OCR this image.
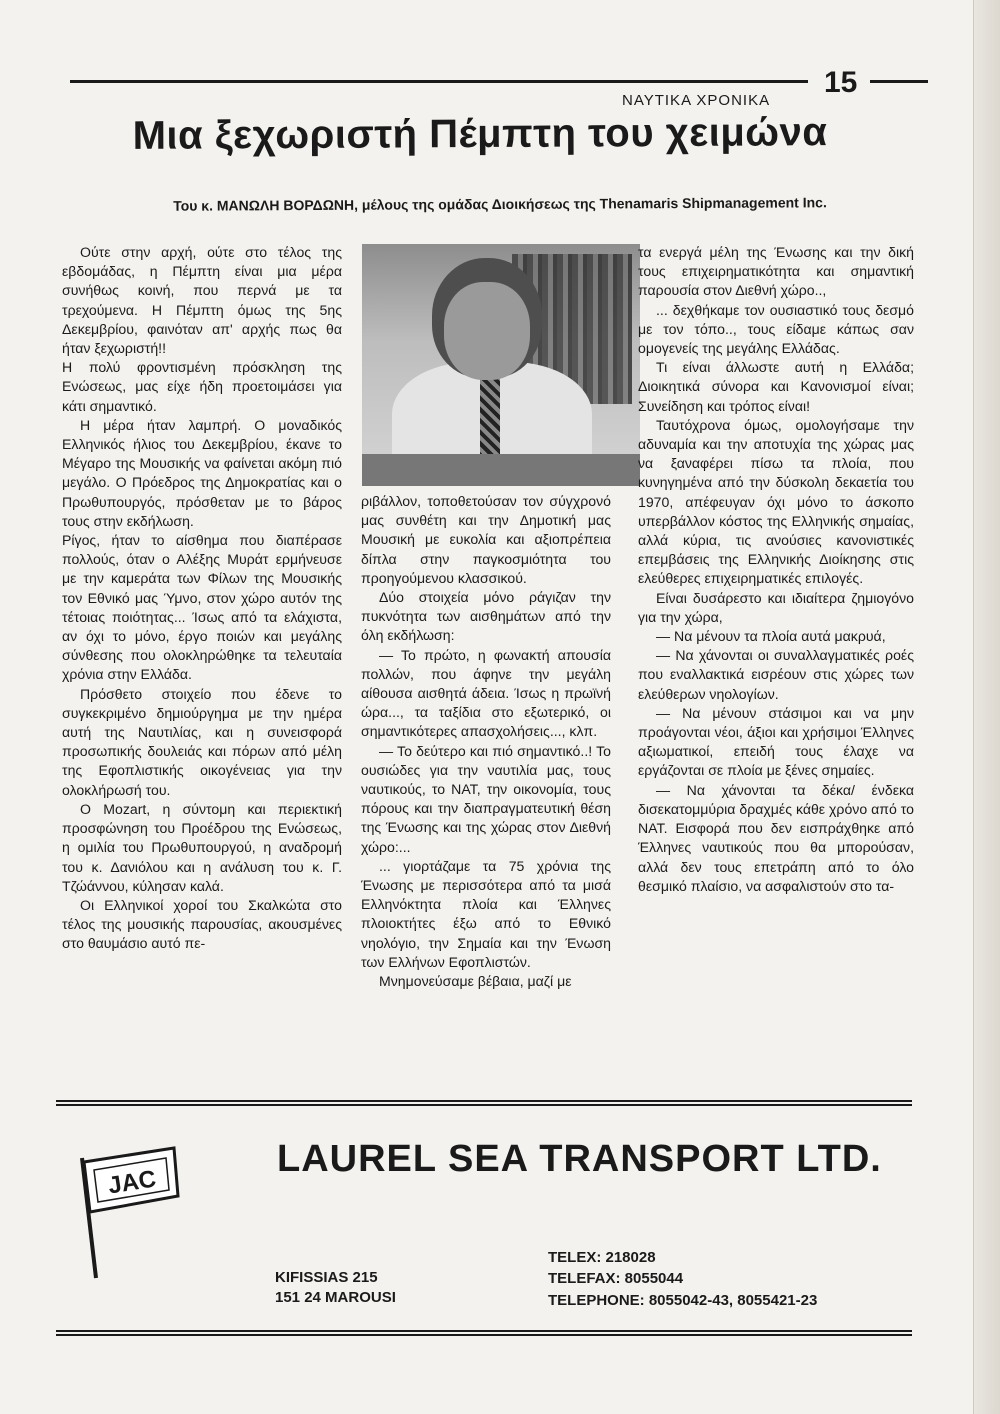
ΝΑΥΤΙΚΑ ΧΡΟΝΙΚΑ
15
Μια ξεχωριστή Πέμπτη του χειμώνα
Του κ. ΜΑΝΩΛΗ ΒΟΡΔΩΝΗ, μέλους της ομάδας Διοικήσεως της Thenamaris Shipmanagement Inc.

Ούτε στην αρχή, ούτε στο τέλος της εβδομάδας, η Πέμπτη είναι μια μέρα συνήθως κοινή, που περνά με τα τρεχούμενα. Η Πέμπτη όμως της 5ης Δεκεμβρίου, φαινόταν απ' αρχής πως θα ήταν ξεχωριστή!!

Η πολύ φροντισμένη πρόσκληση της Ενώσεως, μας είχε ήδη προετοιμάσει για κάτι σημαντικό.

Η μέρα ήταν λαμπρή. Ο μοναδικός Ελληνικός ήλιος του Δεκεμβρίου, έκανε το Μέγαρο της Μουσικής να φαίνεται ακόμη πιό μεγάλο. Ο Πρόεδρος της Δημοκρατίας και ο Πρωθυπουργός, πρόσθεταν με το βάρος τους στην εκδήλωση.

Ρίγος, ήταν το αίσθημα που διαπέρασε πολλούς, όταν ο Αλέξης Μυράτ ερμήνευσε με την καμεράτα των Φίλων της Μουσικής τον Εθνικό μας Ύμνο, στον χώρο αυτόν της τέτοιας ποιότητας... Ίσως από τα ελάχιστα, αν όχι το μόνο, έργο ποιών και μεγάλης σύνθεσης που ολοκληρώθηκε τα τελευταία χρόνια στην Ελλάδα.

Πρόσθετο στοιχείο που έδενε το συγκεκριμένο δημιούργημα με την ημέρα αυτή της Ναυτιλίας, και η συνεισφορά προσωπικής δουλειάς και πόρων από μέλη της Εφοπλιστικής οικογένειας για την ολοκλήρωσή του.

Ο Mozart, η σύντομη και περιεκτική προσφώνηση του Προέδρου της Ενώσεως, η ομιλία του Πρωθυπουργού, η αναδρομή του κ. Δανιόλου και η ανάλυση του κ. Γ. Τζώάννου, κύλησαν καλά.

Οι Ελληνικοί χοροί του Σκαλκώτα στο τέλος της μουσικής παρουσίας, ακουσμένες στο θαυμάσιο αυτό πε-

ριβάλλον, τοποθετούσαν τον σύγχρονό μας συνθέτη και την Δημοτική μας Μουσική με ευκολία και αξιοπρέπεια δίπλα στην παγκοσμιότητα του προηγούμενου κλασσικού.

Δύο στοιχεία μόνο ράγιζαν την πυκνότητα των αισθημάτων από την όλη εκδήλωση:

— Το πρώτο, η φωνακτή απουσία πολλών, που άφηνε την μεγάλη αίθουσα αισθητά άδεια. Ίσως η πρωϊνή ώρα..., τα ταξίδια στο εξωτερικό, οι σημαντικότερες απασχολήσεις..., κλπ.

— Το δεύτερο και πιό σημαντικό..! Το ουσιώδες για την ναυτιλία μας, τους ναυτικούς, το ΝΑΤ, την οικονομία, τους πόρους και την διαπραγματευτική θέση της Ένωσης και της χώρας στον Διεθνή χώρο:...

... γιορτάζαμε τα 75 χρόνια της Ένωσης με περισσότερα από τα μισά Ελληνόκτητα πλοία και Έλληνες πλοιοκτήτες έξω από το Εθνικό νηολόγιο, την Σημαία και την Ένωση των Ελλήνων Εφοπλιστών.

Μνημονεύσαμε βέβαια, μαζί με

τα ενεργά μέλη της Ένωσης και την δική τους επιχειρηματικότητα και σημαντική παρουσία στον Διεθνή χώρο..,

... δεχθήκαμε τον ουσιαστικό τους δεσμό με τον τόπο.., τους είδαμε κάπως σαν ομογενείς της μεγάλης Ελλάδας.

Τι είναι άλλωστε αυτή η Ελλάδα; Διοικητικά σύνορα και Κανονισμοί είναι; Συνείδηση και τρόπος είναι!

Ταυτόχρονα όμως, ομολογήσαμε την αδυναμία και την αποτυχία της χώρας μας να ξαναφέρει πίσω τα πλοία, που κυνηγημένα από την δύσκολη δεκαετία του 1970, απέφευγαν όχι μόνο το άσκοπο υπερβάλλον κόστος της Ελληνικής σημαίας, αλλά κύρια, τις ανούσιες κανονιστικές επεμβάσεις της Ελληνικής Διοίκησης στις ελεύθερες επιχειρηματικές επιλογές.

Είναι δυσάρεστο και ιδιαίτερα ζημιογόνο για την χώρα,

— Να μένουν τα πλοία αυτά μακρυά,

— Να χάνονται οι συναλλαγματικές ροές που εναλλακτικά εισρέουν στις χώρες των ελεύθερων νηολογίων.

— Να μένουν στάσιμοι και να μην προάγονται νέοι, άξιοι και χρήσιμοι Έλληνες αξιωματικοί, επειδή τους έλαχε να εργάζονται σε πλοία με ξένες σημαίες.

— Να χάνονται τα δέκα/ ένδεκα δισεκατομμύρια δραχμές κάθε χρόνο από το ΝΑΤ. Εισφορά που δεν εισπράχθηκε από Έλληνες ναυτικούς που θα μπορούσαν, αλλά δεν τους επετράπη από το όλο θεσμικό πλαίσιο, να ασφαλιστούν στο τα-

JAC
LAUREL SEA TRANSPORT LTD.
KIFISSIAS 215
151 24 MAROUSI
TELEX: 218028
TELEFAX: 8055044
TELEPHONE: 8055042-43, 8055421-23
